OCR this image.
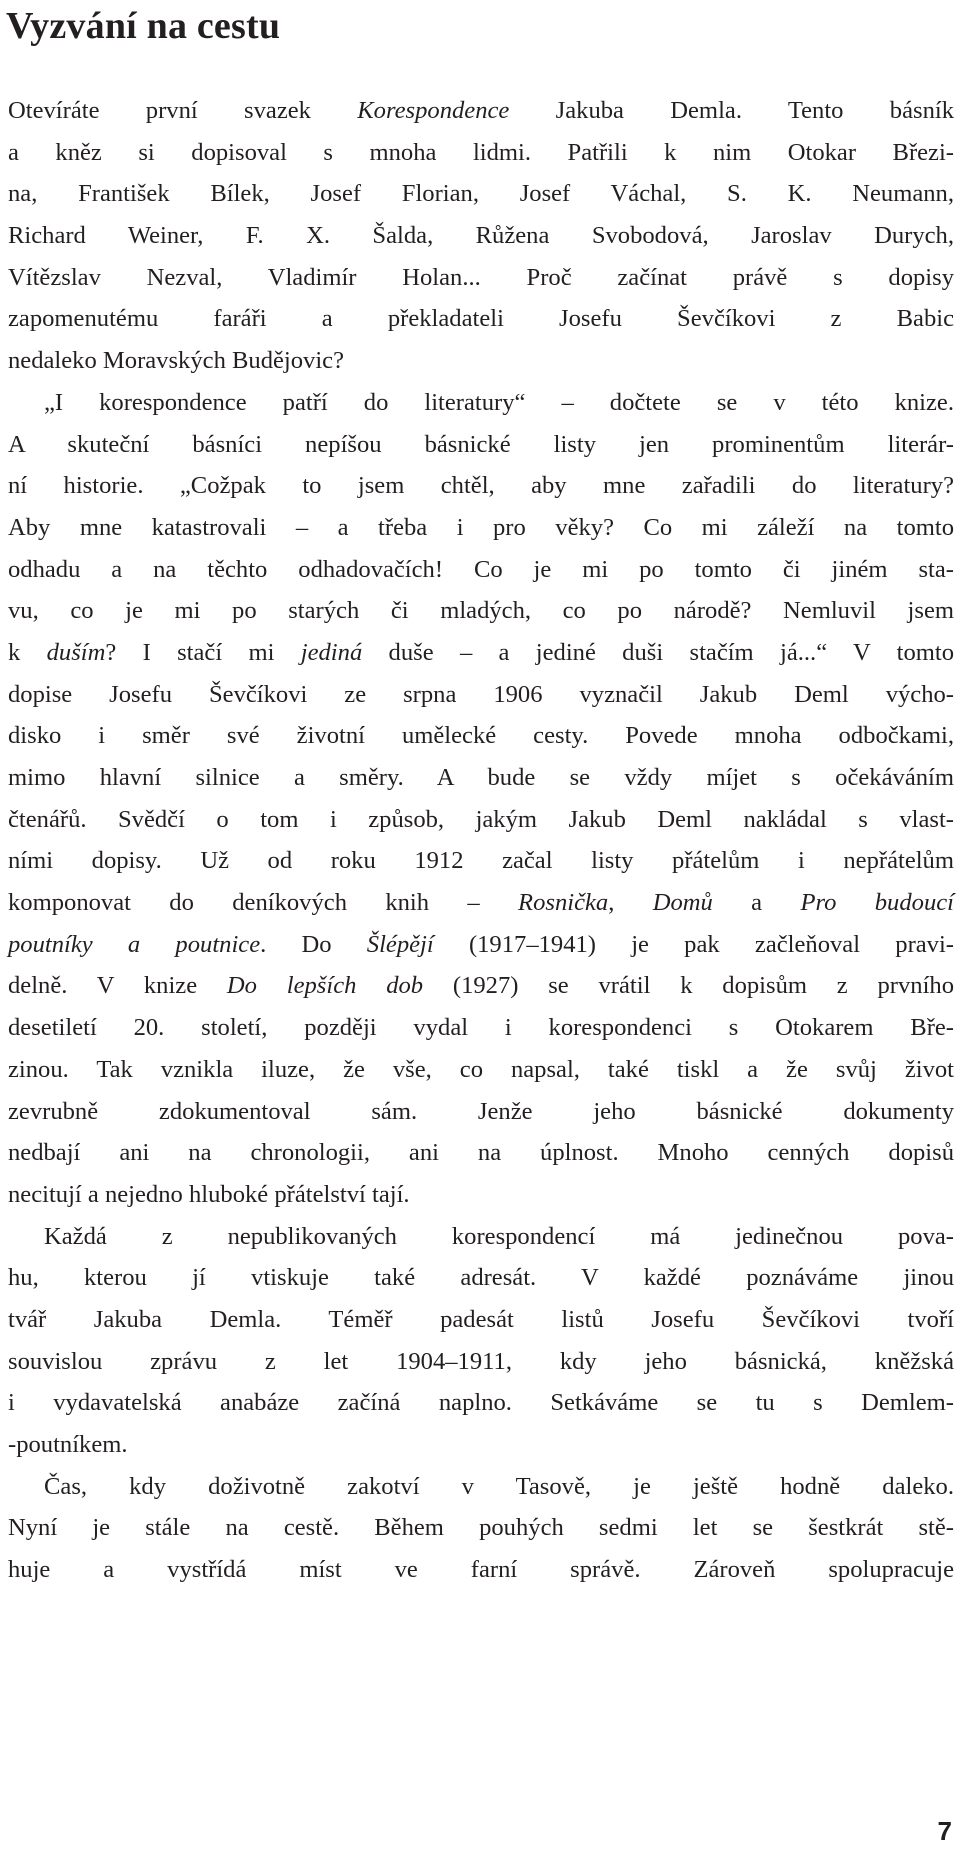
Vyzvání na cestu
Otevíráte první svazek Korespondence Jakuba Demla. Tento básník
a kněz si dopisoval s mnoha lidmi. Patřili k nim Otokar Březi-
na, František Bílek, Josef Florian, Josef Váchal, S. K. Neumann,
Richard Weiner, F. X. Šalda, Růžena Svobodová, Jaroslav Durych,
Vítězslav Nezval, Vladimír Holan... Proč začínat právě s dopisy
zapomenutému faráři a překladateli Josefu Ševčíkovi z Babic
nedaleko Moravských Budějovic?
„I korespondence patří do literatury“ – dočtete se v této knize.
A skuteční básníci nepíšou básnické listy jen prominentům literár-
ní historie. „Cožpak to jsem chtěl, aby mne zařadili do literatury?
Aby mne katastrovali – a třeba i pro věky? Co mi záleží na tomto
odhadu a na těchto odhadovačích! Co je mi po tomto či jiném sta-
vu, co je mi po starých či mladých, co po národě? Nemluvil jsem
k duším? I stačí mi jediná duše – a jediné duši stačím já...“ V tomto
dopise Josefu Ševčíkovi ze srpna 1906 vyznačil Jakub Deml výcho-
disko i směr své životní umělecké cesty. Povede mnoha odbočkami,
mimo hlavní silnice a směry. A bude se vždy míjet s očekáváním
čtenářů. Svědčí o tom i způsob, jakým Jakub Deml nakládal s vlast-
ními dopisy. Už od roku 1912 začal listy přátelům i nepřátelům
komponovat do deníkových knih – Rosnička, Domů a Pro budoucí
poutníky a poutnice. Do Šlépějí (1917–1941) je pak začleňoval pravi-
delně. V knize Do lepších dob (1927) se vrátil k dopisům z prvního
desetiletí 20. století, později vydal i korespondenci s Otokarem Bře-
zinou. Tak vznikla iluze, že vše, co napsal, také tiskl a že svůj život
zevrubně zdokumentoval sám. Jenže jeho básnické dokumenty
nedbají ani na chronologii, ani na úplnost. Mnoho cenných dopisů
necitují a nejedno hluboké přátelství tají.
Každá z nepublikovaných korespondencí má jedinečnou pova-
hu, kterou jí vtiskuje také adresát. V každé poznáváme jinou
tvář Jakuba Demla. Téměř padesát listů Josefu Ševčíkovi tvoří
souvislou zprávu z let 1904–1911, kdy jeho básnická, kněžská
i vydavatelská anabáze začíná naplno. Setkáváme se tu s Demlem-
-poutníkem.
Čas, kdy doživotně zakotví v Tasově, je ještě hodně daleko.
Nyní je stále na cestě. Během pouhých sedmi let se šestkrát stě-
huje a vystřídá míst ve farní správě. Zároveň spolupracuje
7
